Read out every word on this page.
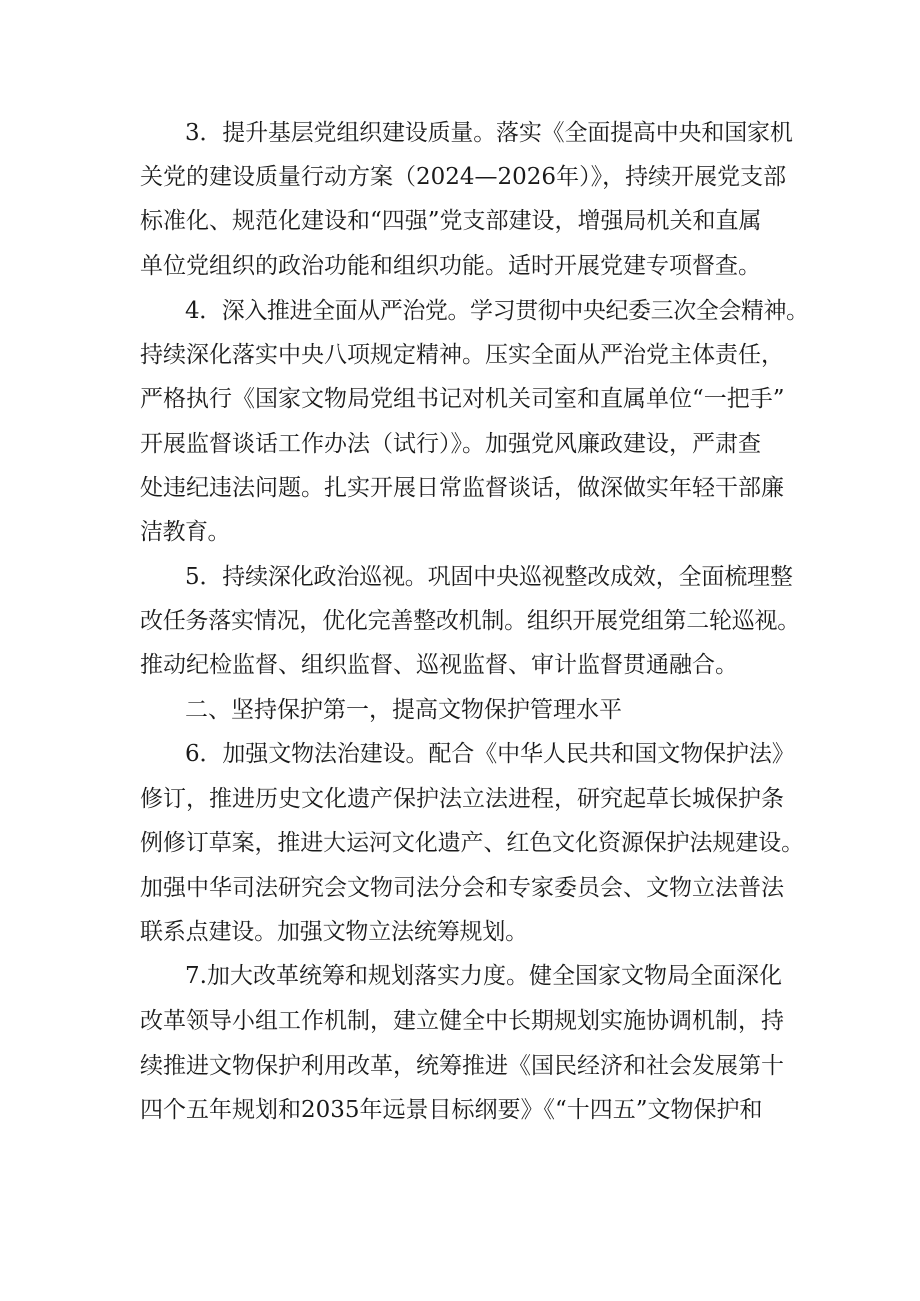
3．提升基层党组织建设质量。落实《全面提高中央和国家机
关党的建设质量行动方案（2024—2026年）》，持续开展党支部
标准化、规范化建设和“四强”党支部建设，增强局机关和直属
单位党组织的政治功能和组织功能。适时开展党建专项督查。
4．深入推进全面从严治党。学习贯彻中央纪委三次全会精神。
持续深化落实中央八项规定精神。压实全面从严治党主体责任，
严格执行《国家文物局党组书记对机关司室和直属单位“一把手”
开展监督谈话工作办法（试行）》。加强党风廉政建设，严肃查
处违纪违法问题。扎实开展日常监督谈话，做深做实年轻干部廉
洁教育。
5．持续深化政治巡视。巩固中央巡视整改成效，全面梳理整
改任务落实情况，优化完善整改机制。组织开展党组第二轮巡视。
推动纪检监督、组织监督、巡视监督、审计监督贯通融合。
二、坚持保护第一，提高文物保护管理水平
6．加强文物法治建设。配合《中华人民共和国文物保护法》
修订，推进历史文化遗产保护法立法进程，研究起草长城保护条
例修订草案，推进大运河文化遗产、红色文化资源保护法规建设。
加强中华司法研究会文物司法分会和专家委员会、文物立法普法
联系点建设。加强文物立法统筹规划。
7.加大改革统筹和规划落实力度。健全国家文物局全面深化
改革领导小组工作机制，建立健全中长期规划实施协调机制，持
续推进文物保护利用改革，统筹推进《国民经济和社会发展第十
四个五年规划和2035年远景目标纲要》《“十四五”文物保护和
